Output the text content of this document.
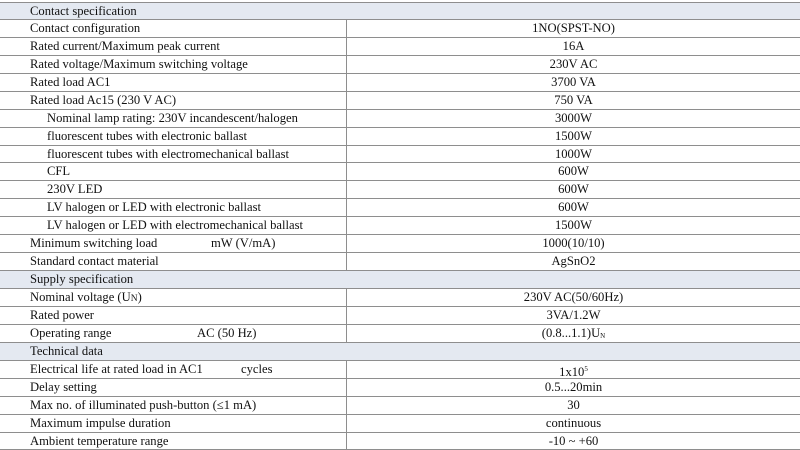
Contact specification
Contact configuration	1NO(SPST-NO)
Rated current/Maximum peak current	16A
Rated voltage/Maximum switching voltage	230V AC
Rated load AC1	3700 VA
Rated load Ac15 (230 V AC)	750 VA
Nominal lamp rating: 230V incandescent/halogen	3000W
fluorescent tubes with electronic ballast	1500W
fluorescent tubes with electromechanical ballast	1000W
CFL	600W
230V LED	600W
LV halogen or LED with electronic ballast	600W
LV halogen or LED with electromechanical ballast	1500W
Minimum switching load	mW (V/mA)	1000(10/10)
Standard contact material	AgSnO2
Supply specification
Nominal voltage (UN)	230V AC(50/60Hz)
Rated power	3VA/1.2W
Operating range	AC (50 Hz)	$(0.8...1.1)U_N$
Technical data
Electrical life at rated load in AC1	cycles	$1x10^5$
Delay setting	0.5...20min
Max no. of illuminated push-button (≤1 mA)	30
Maximum impulse duration	continuous
Ambient temperature range	-10 ~ +60
